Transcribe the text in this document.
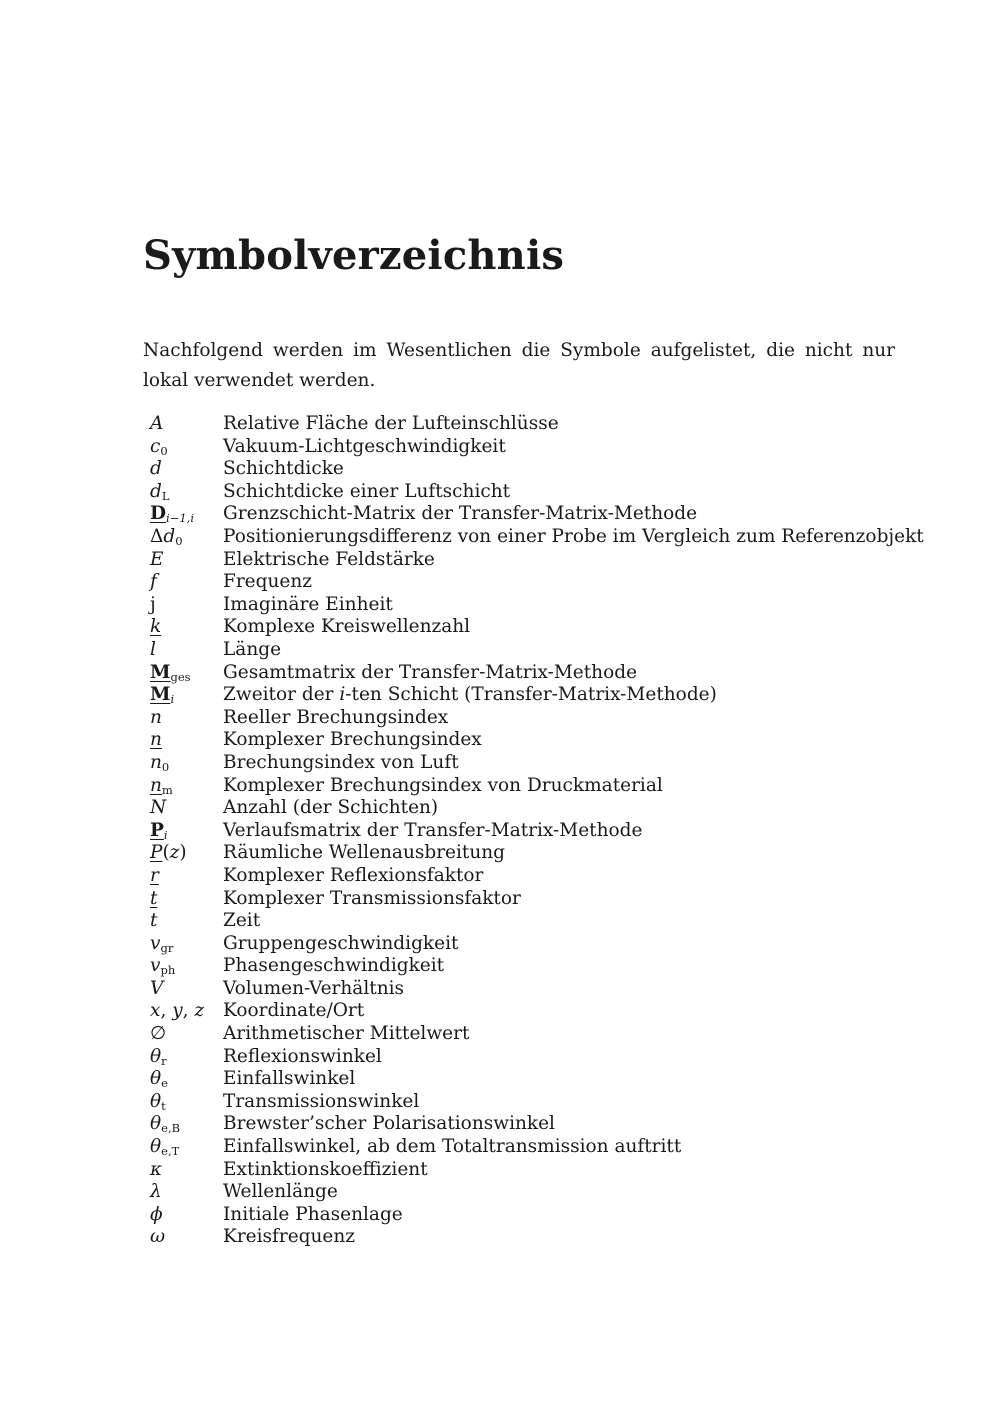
Symbolverzeichnis

Nachfolgend werden im Wesentlichen die Symbole aufgelistet, die nicht nur lokal verwendet werden.

A	Relative Fläche der Lufteinschlüsse
$c_0$	Vakuum-Lichtgeschwindigkeit
d	Schichtdicke
$d_L$	Schichtdicke einer Luftschicht
$D_{i-1,i}$	Grenzschicht-Matrix der Transfer-Matrix-Methode
$\Delta d_0$	Positionierungsdifferenz von einer Probe im Vergleich zum Referenzobjekt
E	Elektrische Feldstärke
f	Frequenz
j	Imaginäre Einheit
k	Komplexe Kreiswellenzahl
l	Länge
$M_{ges}$	Gesamtmatrix der Transfer-Matrix-Methode
$M_i$	Zweitor der i-ten Schicht (Transfer-Matrix-Methode)
n	Reeller Brechungsindex
n	Komplexer Brechungsindex
$n_0$	Brechungsindex von Luft
$n_m$	Komplexer Brechungsindex von Druckmaterial
N	Anzahl (der Schichten)
$P_i$	Verlaufsmatrix der Transfer-Matrix-Methode
P(z)	Räumliche Wellenausbreitung
r	Komplexer Reflexionsfaktor
t	Komplexer Transmissionsfaktor
t	Zeit
$v_{gr}$	Gruppengeschwindigkeit
$v_{ph}$	Phasengeschwindigkeit
V	Volumen-Verhältnis
x, y, z	Koordinate/Ort
∅	Arithmetischer Mittelwert
$\theta_r$	Reflexionswinkel
$\theta_e$	Einfallswinkel
$\theta_t$	Transmissionswinkel
$\theta_{e,B}$	Brewster’scher Polarisationswinkel
$\theta_{e,T}$	Einfallswinkel, ab dem Totaltransmission auftritt
κ	Extinktionskoeffizient
λ	Wellenlänge
ϕ	Initiale Phasenlage
ω	Kreisfrequenz
